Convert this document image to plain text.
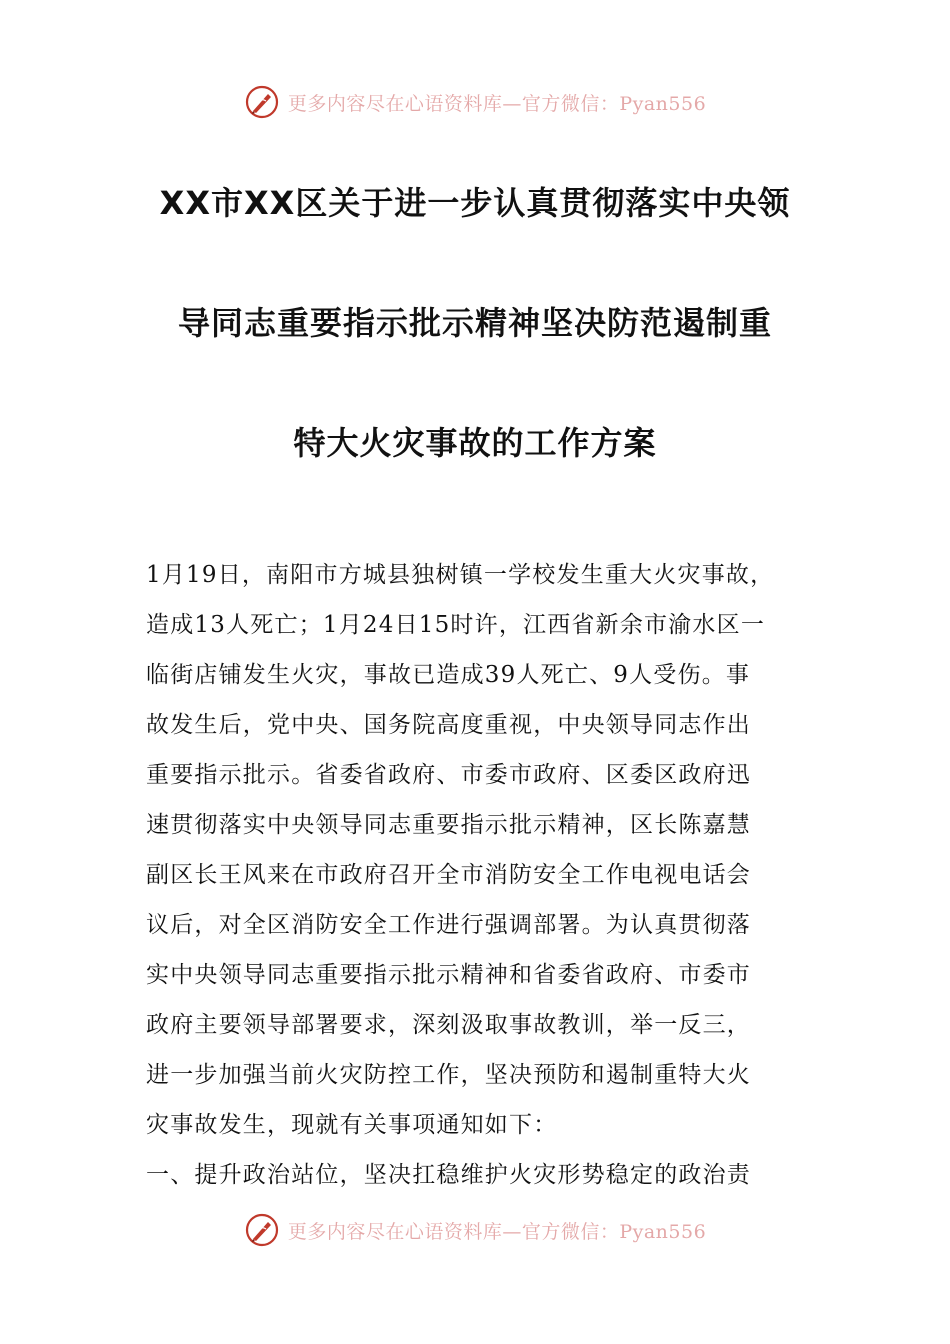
更多内容尽在心语资料库—官方微信：Pyan556
XX市XX区关于进一步认真贯彻落实中央领
导同志重要指示批示精神坚决防范遏制重
特大火灾事故的工作方案
1月19日，南阳市方城县独树镇一学校发生重大火灾事故，
造成13人死亡；1月24日15时许，江西省新余市渝水区一
临街店铺发生火灾，事故已造成39人死亡、9人受伤。事
故发生后，党中央、国务院高度重视，中央领导同志作出
重要指示批示。省委省政府、市委市政府、区委区政府迅
速贯彻落实中央领导同志重要指示批示精神，区长陈嘉慧
副区长王风来在市政府召开全市消防安全工作电视电话会
议后，对全区消防安全工作进行强调部署。为认真贯彻落
实中央领导同志重要指示批示精神和省委省政府、市委市
政府主要领导部署要求，深刻汲取事故教训，举一反三，
进一步加强当前火灾防控工作，坚决预防和遏制重特大火
灾事故发生，现就有关事项通知如下：
一、提升政治站位，坚决扛稳维护火灾形势稳定的政治责
更多内容尽在心语资料库—官方微信：Pyan556
